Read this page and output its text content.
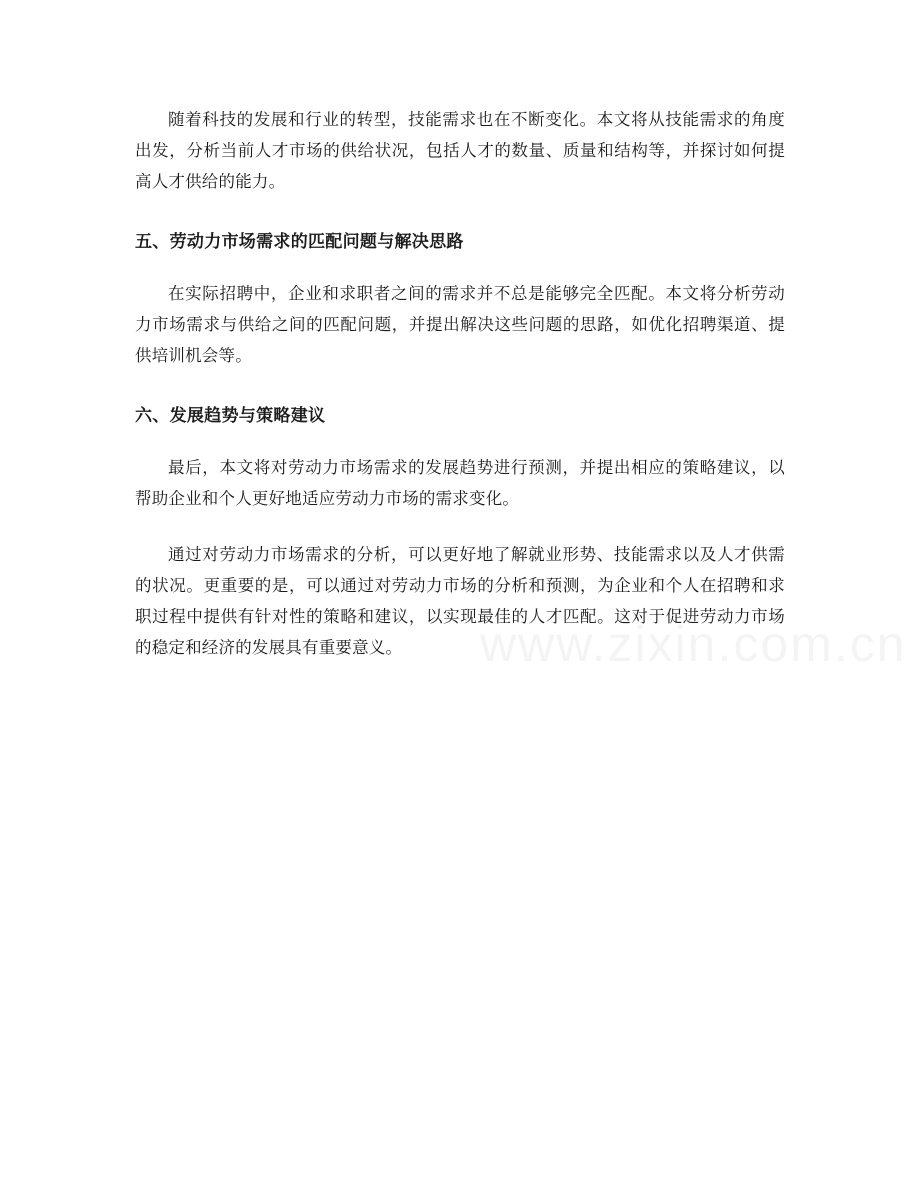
随着科技的发展和行业的转型，技能需求也在不断变化。本文将从技能需求的角度出发，分析当前人才市场的供给状况，包括人才的数量、质量和结构等，并探讨如何提高人才供给的能力。

五、劳动力市场需求的匹配问题与解决思路

在实际招聘中，企业和求职者之间的需求并不总是能够完全匹配。本文将分析劳动力市场需求与供给之间的匹配问题，并提出解决这些问题的思路，如优化招聘渠道、提供培训机会等。

六、发展趋势与策略建议

最后，本文将对劳动力市场需求的发展趋势进行预测，并提出相应的策略建议，以帮助企业和个人更好地适应劳动力市场的需求变化。

通过对劳动力市场需求的分析，可以更好地了解就业形势、技能需求以及人才供需的状况。更重要的是，可以通过对劳动力市场的分析和预测，为企业和个人在招聘和求职过程中提供有针对性的策略和建议，以实现最佳的人才匹配。这对于促进劳动力市场的稳定和经济的发展具有重要意义。
